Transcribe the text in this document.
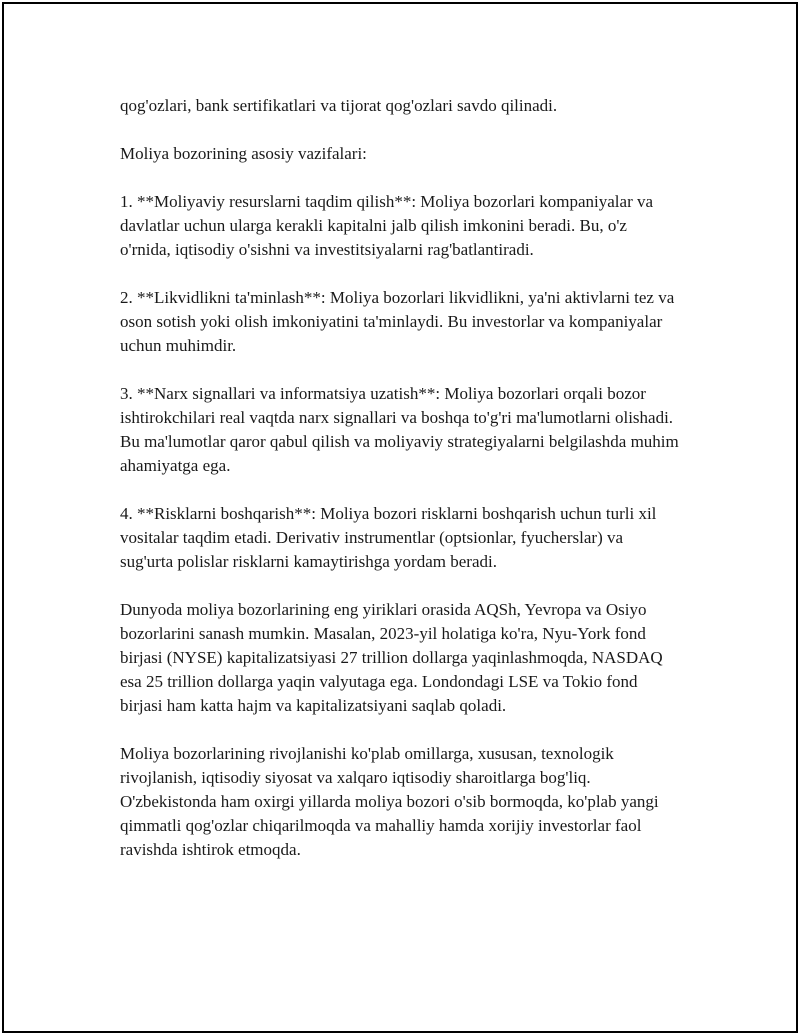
qog'ozlari, bank sertifikatlari va tijorat qog'ozlari savdo qilinadi.

Moliya bozorining asosiy vazifalari:

1. **Moliyaviy resurslarni taqdim qilish**: Moliya bozorlari kompaniyalar va davlatlar uchun ularga kerakli kapitalni jalb qilish imkonini beradi. Bu, o'z o'rnida, iqtisodiy o'sishni va investitsiyalarni rag'batlantiradi.

2. **Likvidlikni ta'minlash**: Moliya bozorlari likvidlikni, ya'ni aktivlarni tez va oson sotish yoki olish imkoniyatini ta'minlaydi. Bu investorlar va kompaniyalar uchun muhimdir.

3. **Narx signallari va informatsiya uzatish**: Moliya bozorlari orqali bozor ishtirokchilari real vaqtda narx signallari va boshqa to'g'ri ma'lumotlarni olishadi. Bu ma'lumotlar qaror qabul qilish va moliyaviy strategiyalarni belgilashda muhim ahamiyatga ega.

4. **Risklarni boshqarish**: Moliya bozori risklarni boshqarish uchun turli xil vositalar taqdim etadi. Derivativ instrumentlar (optsionlar, fyucherslar) va sug'urta polislar risklarni kamaytirishga yordam beradi.

Dunyoda moliya bozorlarining eng yiriklari orasida AQSh, Yevropa va Osiyo bozorlarini sanash mumkin. Masalan, 2023-yil holatiga ko'ra, Nyu-York fond birjasi (NYSE) kapitalizatsiyasi 27 trillion dollarga yaqinlashmoqda, NASDAQ esa 25 trillion dollarga yaqin valyutaga ega. Londondagi LSE va Tokio fond birjasi ham katta hajm va kapitalizatsiyani saqlab qoladi.

Moliya bozorlarining rivojlanishi ko'plab omillarga, xususan, texnologik rivojlanish, iqtisodiy siyosat va xalqaro iqtisodiy sharoitlarga bog'liq. O'zbekistonda ham oxirgi yillarda moliya bozori o'sib bormoqda, ko'plab yangi qimmatli qog'ozlar chiqarilmoqda va mahalliy hamda xorijiy investorlar faol ravishda ishtirok etmoqda.
